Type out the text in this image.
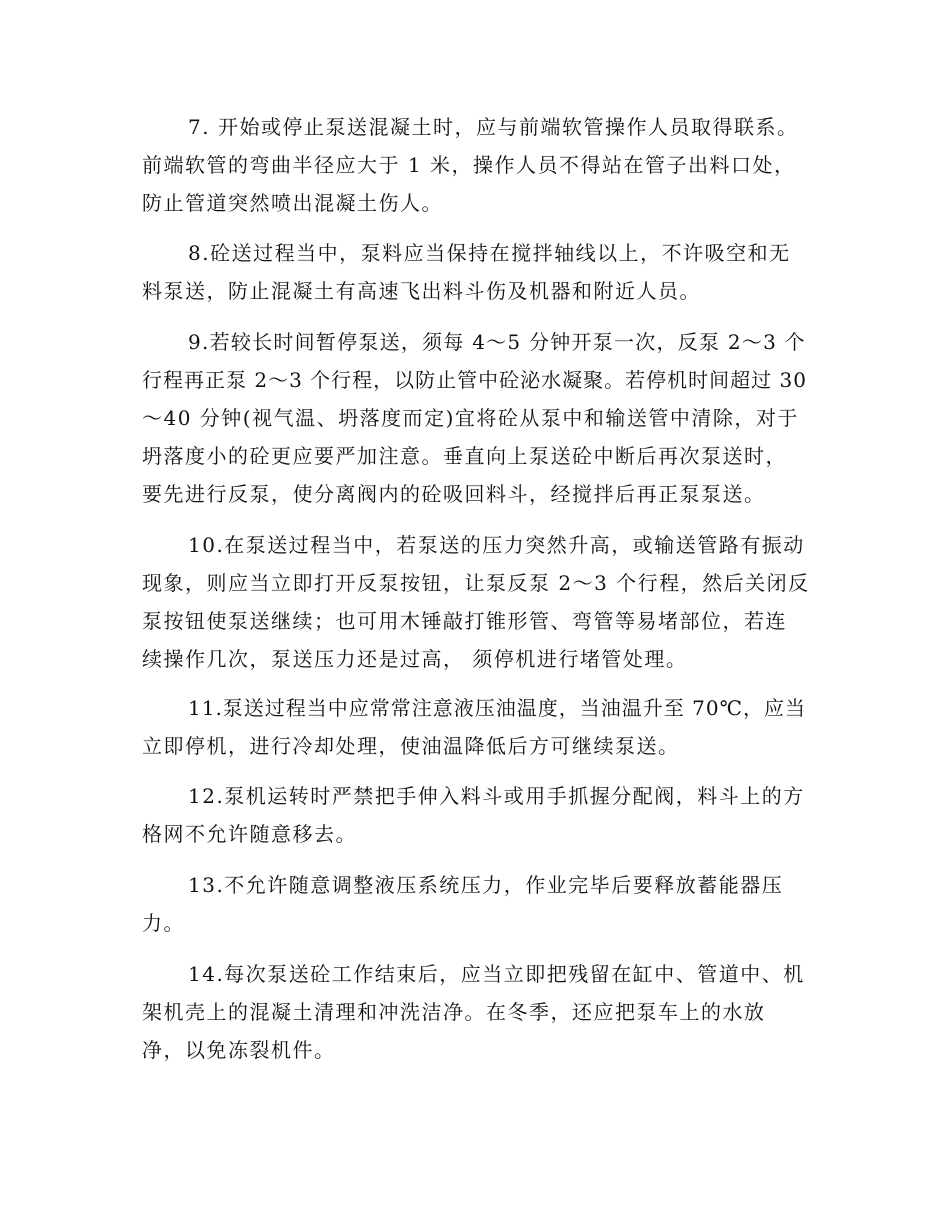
7. 开始或停止泵送混凝土时，应与前端软管操作人员取得联系。
前端软管的弯曲半径应大于 1 米，操作人员不得站在管子出料口处，
防止管道突然喷出混凝土伤人。
8.砼送过程当中，泵料应当保持在搅拌轴线以上，不许吸空和无
料泵送，防止混凝土有高速飞出料斗伤及机器和附近人员。
9.若较长时间暂停泵送，须每 4～5 分钟开泵一次，反泵 2～3 个
行程再正泵 2～3 个行程，以防止管中砼泌水凝聚。若停机时间超过 30
～40 分钟(视气温、坍落度而定)宜将砼从泵中和输送管中清除，对于
坍落度小的砼更应要严加注意。垂直向上泵送砼中断后再次泵送时，
要先进行反泵，使分离阀内的砼吸回料斗，经搅拌后再正泵泵送。
10.在泵送过程当中，若泵送的压力突然升高，或输送管路有振动
现象，则应当立即打开反泵按钮，让泵反泵 2～3 个行程，然后关闭反
泵按钮使泵送继续；也可用木锤敲打锥形管、弯管等易堵部位，若连
续操作几次，泵送压力还是过高， 须停机进行堵管处理。
11.泵送过程当中应常常注意液压油温度，当油温升至 70℃，应当
立即停机，进行冷却处理，使油温降低后方可继续泵送。
12.泵机运转时严禁把手伸入料斗或用手抓握分配阀，料斗上的方
格网不允许随意移去。
13.不允许随意调整液压系统压力，作业完毕后要释放蓄能器压
力。
14.每次泵送砼工作结束后，应当立即把残留在缸中、管道中、机
架机壳上的混凝土清理和冲洗洁净。在冬季，还应把泵车上的水放
净，以免冻裂机件。
